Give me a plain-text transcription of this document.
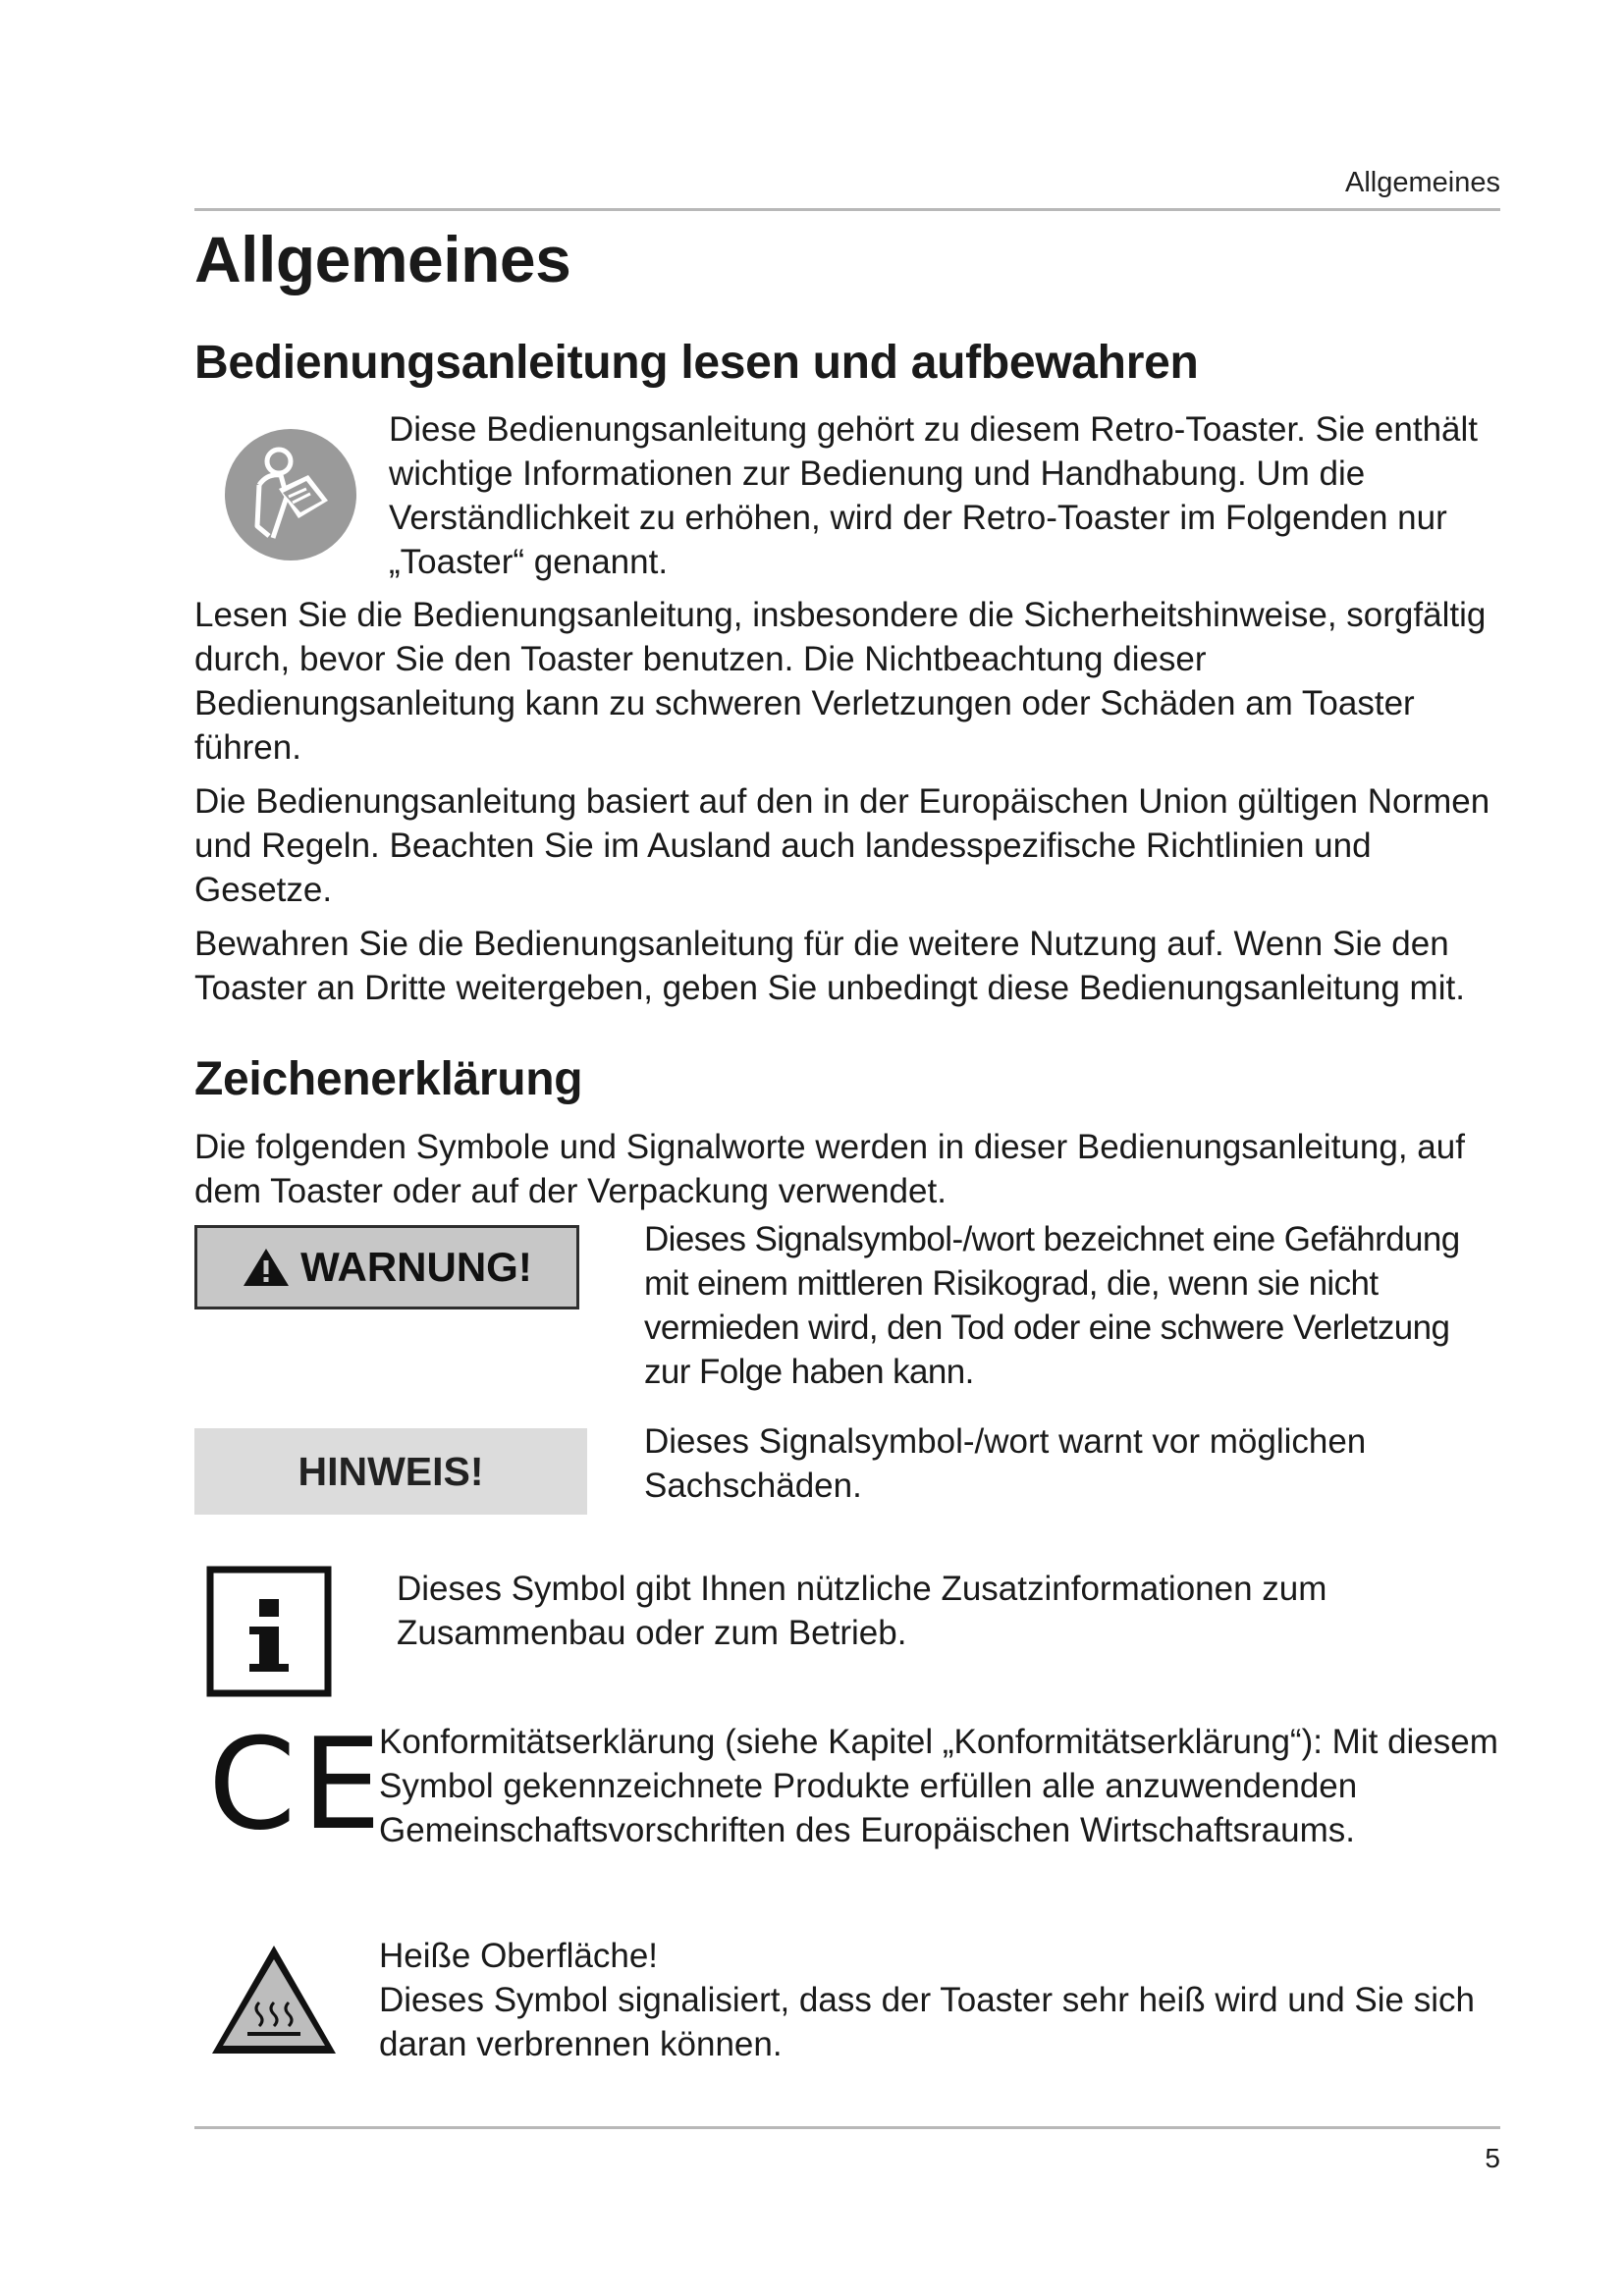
Allgemeines
Allgemeines
Bedienungsanleitung lesen und aufbewahren

Diese Bedienungsanleitung gehört zu diesem Retro-Toaster. Sie enthält wichtige Informationen zur Bedienung und Handhabung. Um die Verständlichkeit zu erhöhen, wird der Retro-Toaster im Folgenden nur „Toaster“ genannt.

Lesen Sie die Bedienungsanleitung, insbesondere die Sicherheitshinweise, sorgfältig durch, bevor Sie den Toaster benutzen. Die Nichtbeachtung dieser Bedienungsanleitung kann zu schweren Verletzungen oder Schäden am Toaster führen.

Die Bedienungsanleitung basiert auf den in der Europäischen Union gültigen Normen und Regeln. Beachten Sie im Ausland auch landesspezifische Richtlinien und Gesetze.

Bewahren Sie die Bedienungsanleitung für die weitere Nutzung auf. Wenn Sie den Toaster an Dritte weitergeben, geben Sie unbedingt diese Bedienungsanleitung mit.

Zeichenerklärung

Die folgenden Symbole und Signalworte werden in dieser Bedienungsanleitung, auf dem Toaster oder auf der Verpackung verwendet.

WARNUNG!

Dieses Signalsymbol-/wort bezeichnet eine Gefährdung mit einem mittleren Risikograd, die, wenn sie nicht vermieden wird, den Tod oder eine schwere Verletzung zur Folge haben kann.

HINWEIS!

Dieses Signalsymbol-/wort warnt vor möglichen Sachschäden.

Dieses Symbol gibt Ihnen nützliche Zusatzinformationen zum Zusammenbau oder zum Betrieb.

CE

Konformitätserklärung (siehe Kapitel „Konformitätserklärung“): Mit diesem Symbol gekennzeichnete Produkte erfüllen alle anzuwendenden Gemeinschaftsvorschriften des Europäischen Wirtschaftsraums.

Heiße Oberfläche!

Dieses Symbol signalisiert, dass der Toaster sehr heiß wird und Sie sich daran verbrennen können.

5
